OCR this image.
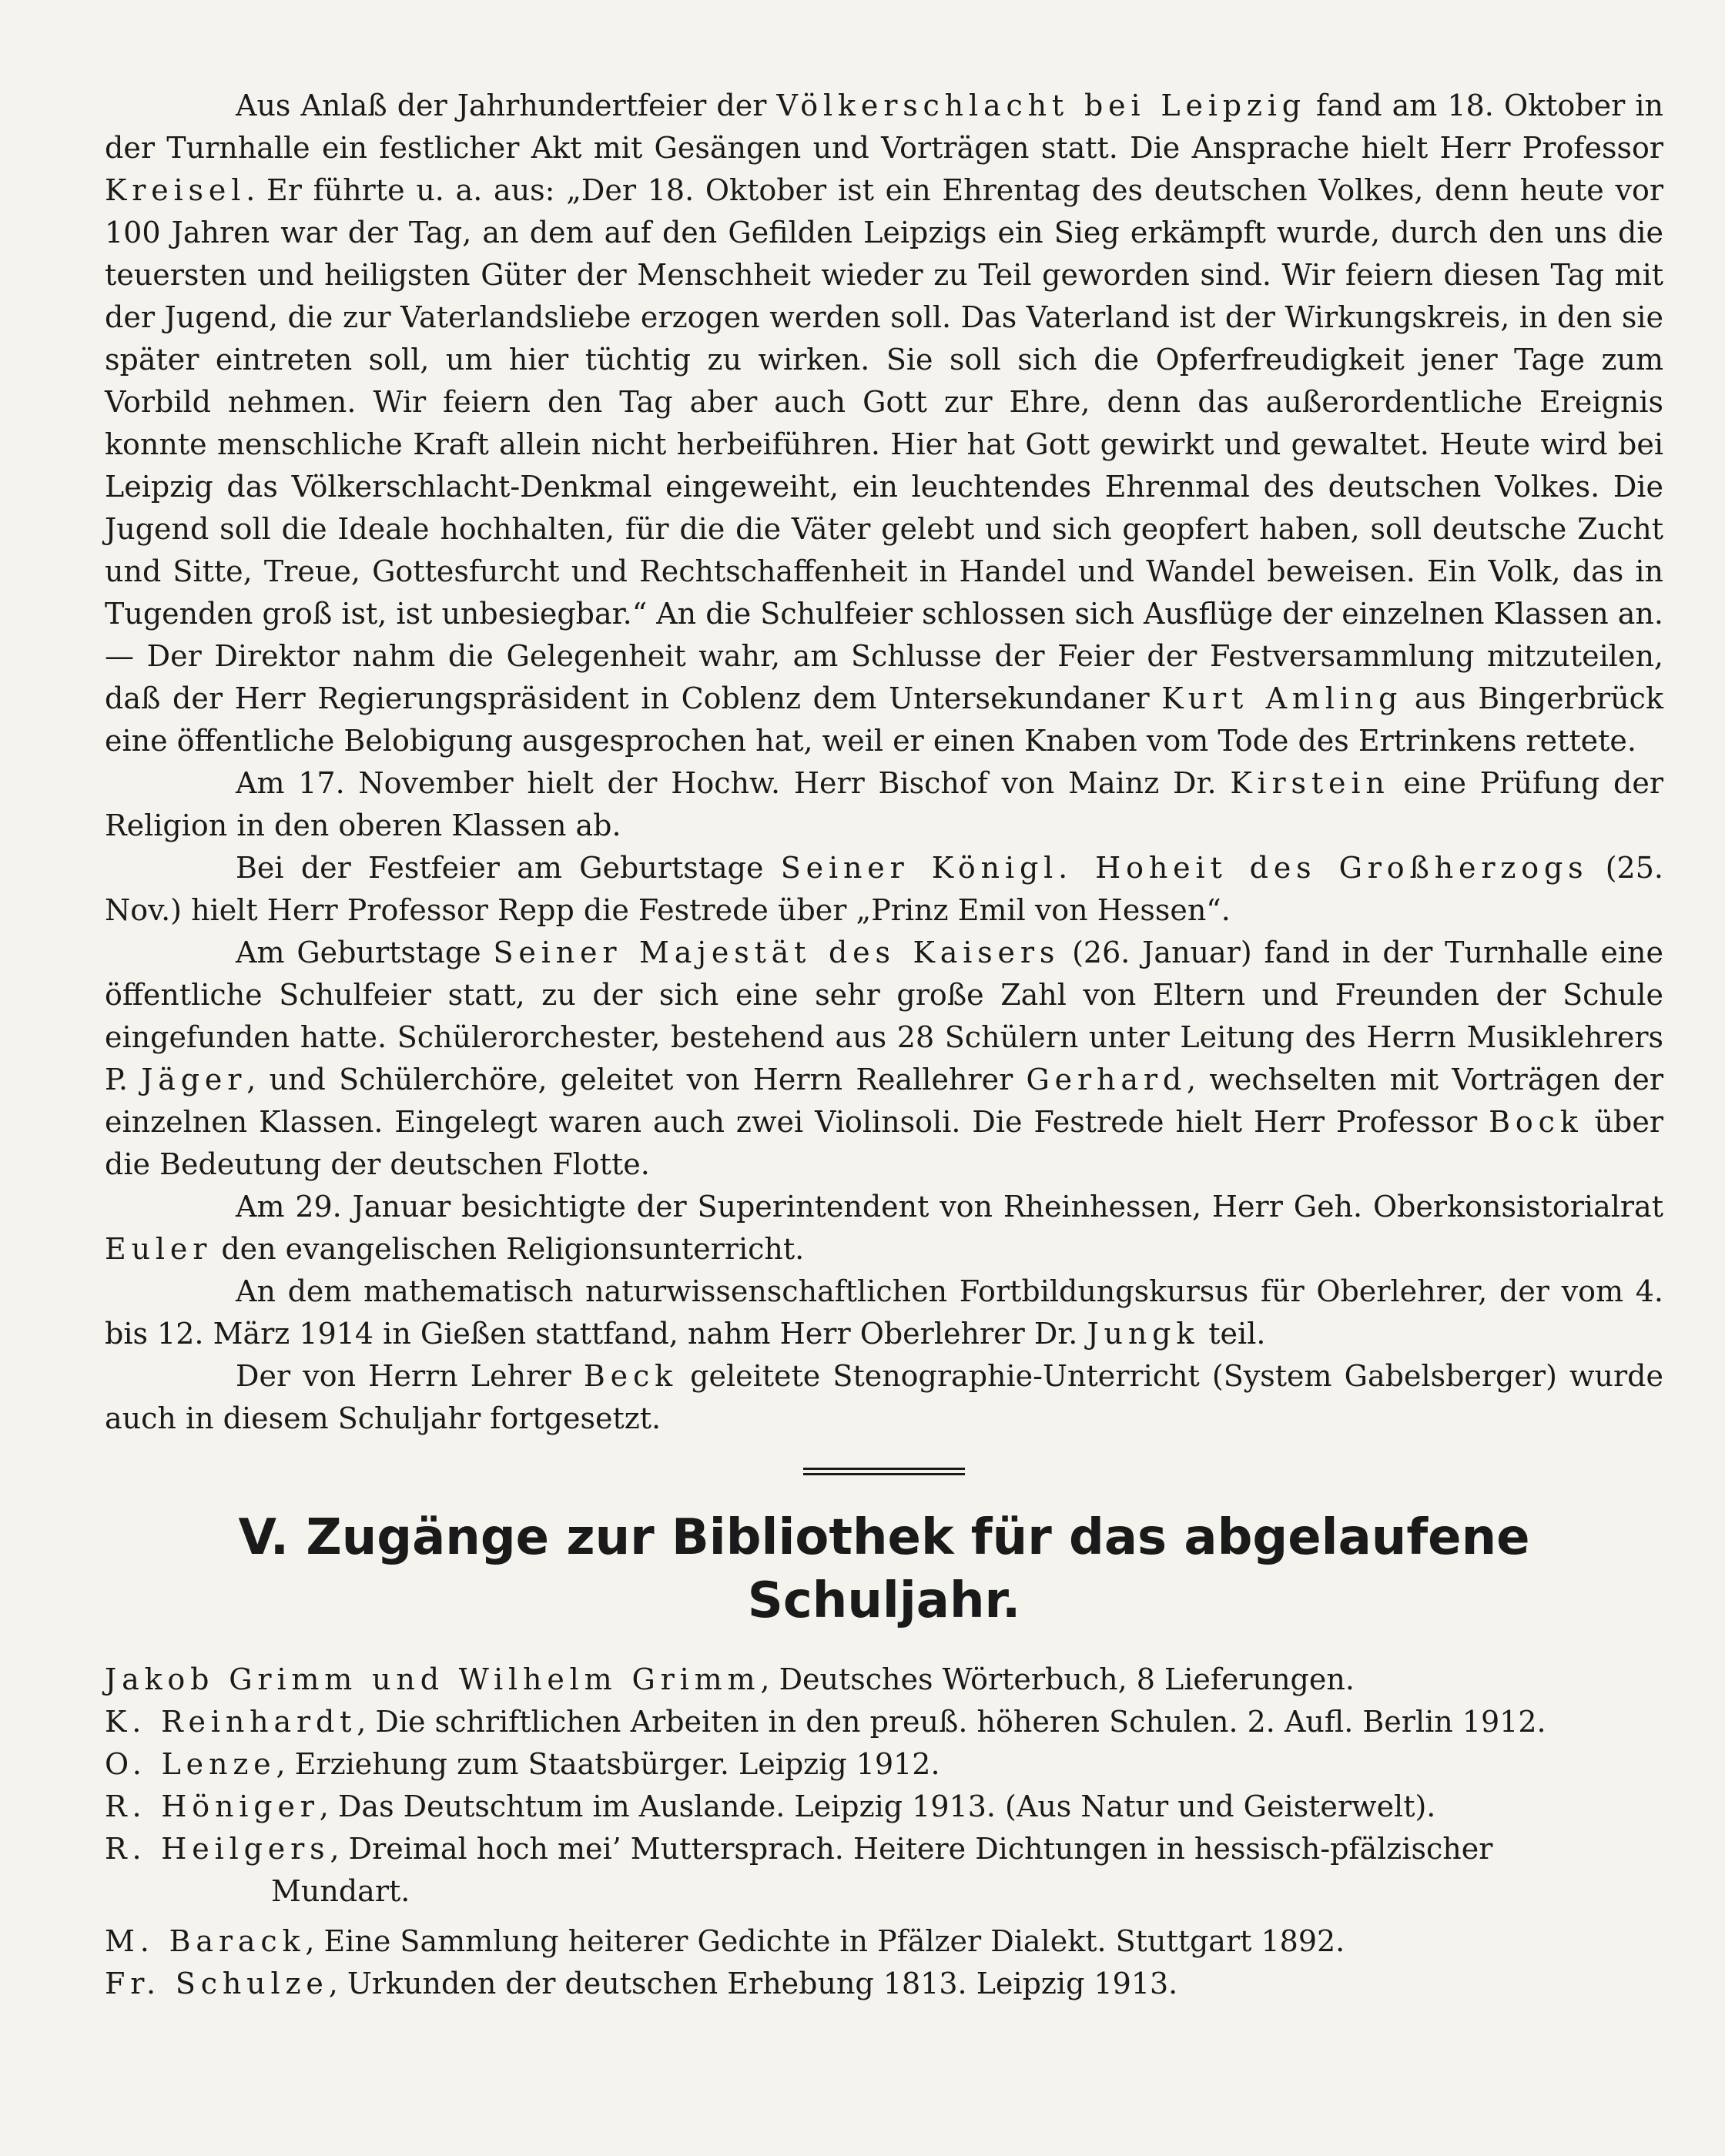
Aus Anlaß der Jahrhundertfeier der Völkerschlacht bei Leipzig fand am 18. Oktober in der Turnhalle ein festlicher Akt mit Gesängen und Vorträgen statt. Die Ansprache hielt Herr Professor Kreisel. Er führte u. a. aus: „Der 18. Oktober ist ein Ehrentag des deutschen Volkes, denn heute vor 100 Jahren war der Tag, an dem auf den Gefilden Leipzigs ein Sieg erkämpft wurde, durch den uns die teuersten und heiligsten Güter der Menschheit wieder zu Teil geworden sind. Wir feiern diesen Tag mit der Jugend, die zur Vaterlandsliebe erzogen werden soll. Das Vaterland ist der Wirkungskreis, in den sie später eintreten soll, um hier tüchtig zu wirken. Sie soll sich die Opferfreudigkeit jener Tage zum Vorbild nehmen. Wir feiern den Tag aber auch Gott zur Ehre, denn das außerordentliche Ereignis konnte menschliche Kraft allein nicht herbeiführen. Hier hat Gott gewirkt und gewaltet. Heute wird bei Leipzig das Völkerschlacht-Denkmal eingeweiht, ein leuchtendes Ehrenmal des deutschen Volkes. Die Jugend soll die Ideale hochhalten, für die die Väter gelebt und sich geopfert haben, soll deutsche Zucht und Sitte, Treue, Gottesfurcht und Rechtschaffenheit in Handel und Wandel beweisen. Ein Volk, das in Tugenden groß ist, ist unbesiegbar.“ An die Schulfeier schlossen sich Ausflüge der einzelnen Klassen an. — Der Direktor nahm die Gelegenheit wahr, am Schlusse der Feier der Festversammlung mitzuteilen, daß der Herr Regierungspräsident in Coblenz dem Untersekundaner Kurt Amling aus Bingerbrück eine öffentliche Belobigung ausgesprochen hat, weil er einen Knaben vom Tode des Ertrinkens rettete.

Am 17. November hielt der Hochw. Herr Bischof von Mainz Dr. Kirstein eine Prüfung der Religion in den oberen Klassen ab.

Bei der Festfeier am Geburtstage Seiner Königl. Hoheit des Großherzogs (25. Nov.) hielt Herr Professor Repp die Festrede über „Prinz Emil von Hessen“.

Am Geburtstage Seiner Majestät des Kaisers (26. Januar) fand in der Turnhalle eine öffentliche Schulfeier statt, zu der sich eine sehr große Zahl von Eltern und Freunden der Schule eingefunden hatte. Schülerorchester, bestehend aus 28 Schülern unter Leitung des Herrn Musiklehrers P. Jäger, und Schülerchöre, geleitet von Herrn Reallehrer Gerhard, wechselten mit Vorträgen der einzelnen Klassen. Eingelegt waren auch zwei Violinsoli. Die Festrede hielt Herr Professor Bock über die Bedeutung der deutschen Flotte.

Am 29. Januar besichtigte der Superintendent von Rheinhessen, Herr Geh. Oberkonsistorialrat Euler den evangelischen Religionsunterricht.

An dem mathematisch naturwissenschaftlichen Fortbildungskursus für Oberlehrer, der vom 4. bis 12. März 1914 in Gießen stattfand, nahm Herr Oberlehrer Dr. Jungk teil.

Der von Herrn Lehrer Beck geleitete Stenographie-Unterricht (System Gabelsberger) wurde auch in diesem Schuljahr fortgesetzt.

V. Zugänge zur Bibliothek für das abgelaufene
Schuljahr.

Jakob Grimm und Wilhelm Grimm, Deutsches Wörterbuch, 8 Lieferungen.

K. Reinhardt, Die schriftlichen Arbeiten in den preuß. höheren Schulen. 2. Aufl. Berlin 1912.

O. Lenze, Erziehung zum Staatsbürger. Leipzig 1912.

R. Höniger, Das Deutschtum im Auslande. Leipzig 1913. (Aus Natur und Geisterwelt).

R. Heilgers, Dreimal hoch mei’ Muttersprach. Heitere Dichtungen in hessisch-pfälzischer
Mundart.

M. Barack, Eine Sammlung heiterer Gedichte in Pfälzer Dialekt. Stuttgart 1892.

Fr. Schulze, Urkunden der deutschen Erhebung 1813. Leipzig 1913.
